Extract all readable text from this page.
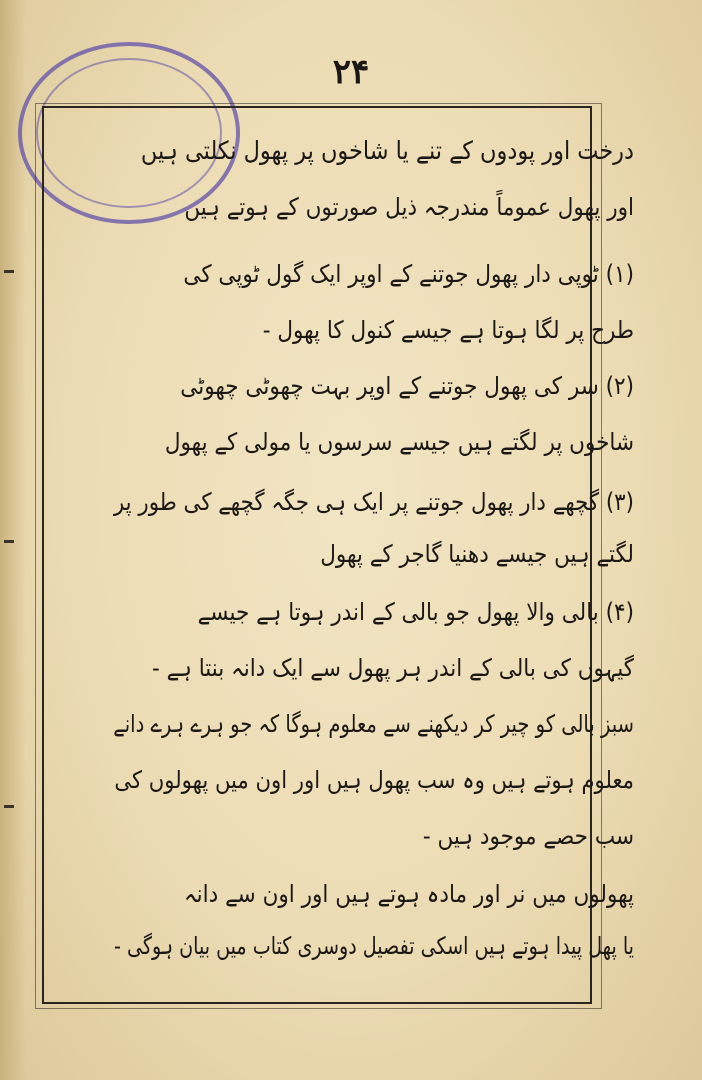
۲۴
درخت اور پودوں کے تنے یا شاخوں پر پھول نکلتی ہیں
اور پھول عموماً مندرجہ ذیل صورتوں کے ہوتے ہیں
(۱) ٹوپی دار پھول جوتنے کے اوپر ایک گول ٹوپی کی
طرح پر لگا ہوتا ہے جیسے کنول کا پھول -
(۲) سر کی پھول جوتنے کے اوپر بہت چھوٹی چھوٹی
شاخوں پر لگتے ہیں جیسے سرسوں یا مولی کے پھول
(۳) گچھے دار پھول جوتنے پر ایک ہی جگہ گچھے کی طور پر
لگتے ہیں جیسے دھنیا گاجر کے پھول
(۴) بالی والا پھول جو بالی کے اندر ہوتا ہے جیسے
گیہوں کی بالی کے اندر ہر پھول سے ایک دانہ بنتا ہے -
سبز بالی کو چیر کر دیکھنے سے معلوم ہوگا کہ جو ہرے ہرے دانے
معلوم ہوتے ہیں وہ سب پھول ہیں اور اون میں پھولوں کی
سب حصے موجود ہیں -
پھولوں میں نر اور مادہ ہوتے ہیں اور اون سے دانہ
یا پھل پیدا ہوتے ہیں اسکی تفصیل دوسری کتاب میں بیان ہوگی -
